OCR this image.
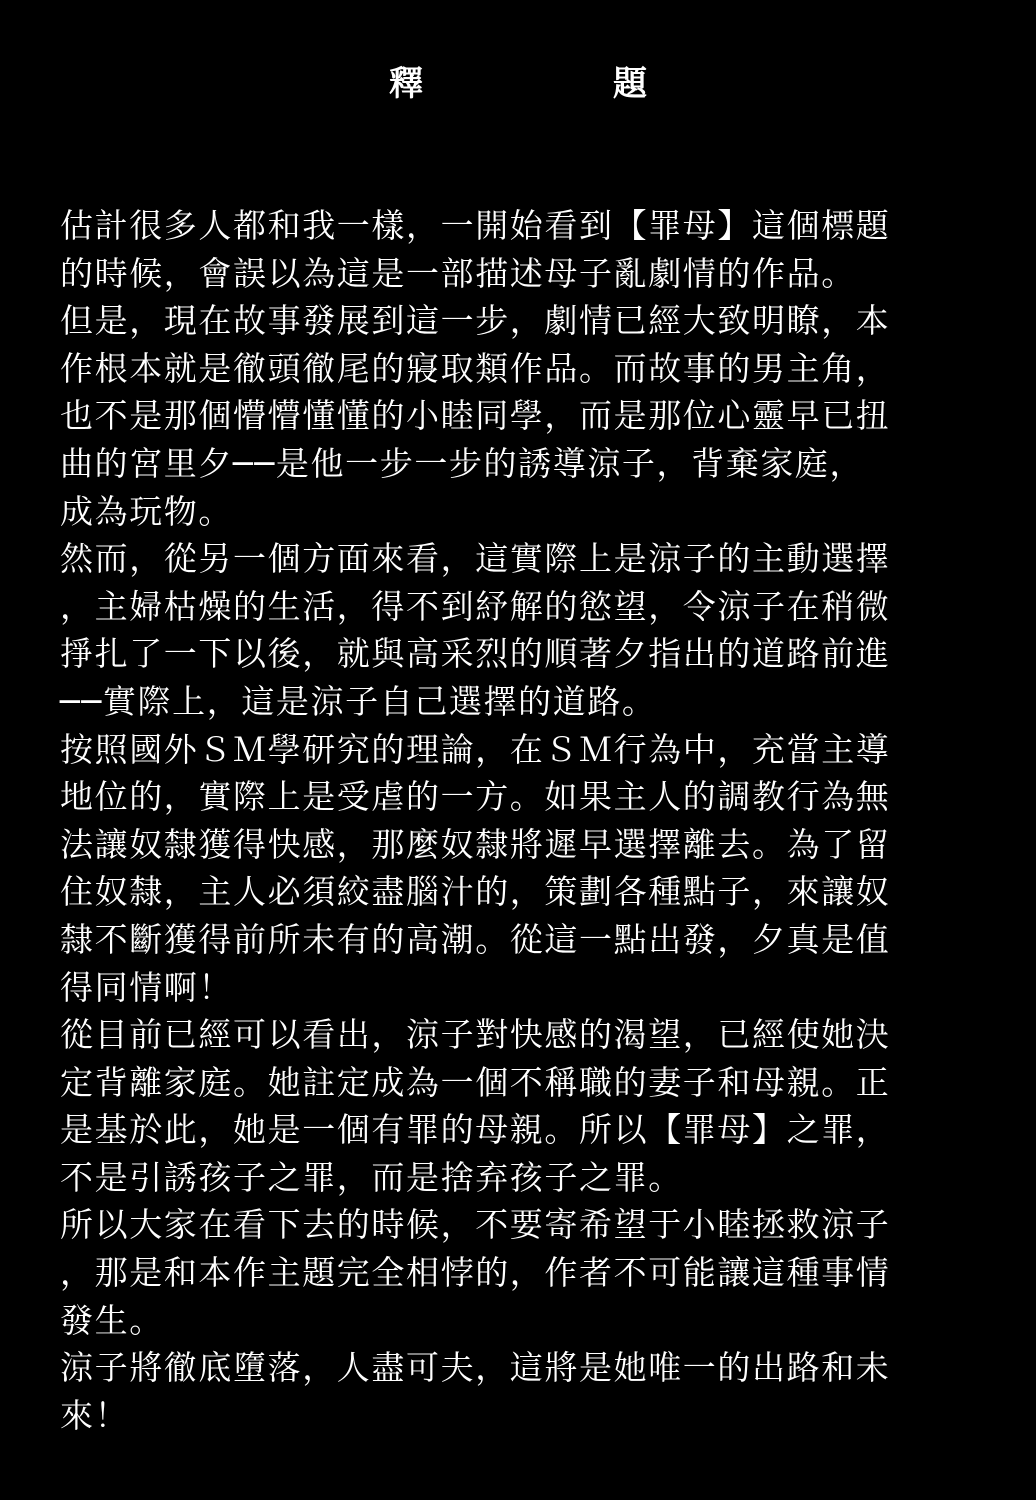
釋　題
估計很多人都和我一樣，一開始看到【罪母】這個標題
的時候，會誤以為這是一部描述母子亂劇情的作品。
但是，現在故事發展到這一步，劇情已經大致明瞭，本
作根本就是徹頭徹尾的寢取類作品。而故事的男主角，
也不是那個懵懵懂懂的小睦同學，而是那位心靈早已扭
曲的宮里夕──是他一步一步的誘導涼子，背棄家庭，
成為玩物。
然而，從另一個方面來看，這實際上是涼子的主動選擇
，主婦枯燥的生活，得不到紓解的慾望，令涼子在稍微
掙扎了一下以後，就與高采烈的順著夕指出的道路前進
──實際上，這是涼子自己選擇的道路。
按照國外ＳＭ學研究的理論，在ＳＭ行為中，充當主導
地位的，實際上是受虐的一方。如果主人的調教行為無
法讓奴隸獲得快感，那麼奴隸將遲早選擇離去。為了留
住奴隸，主人必須絞盡腦汁的，策劃各種點子，來讓奴
隸不斷獲得前所未有的高潮。從這一點出發，夕真是值
得同情啊！
從目前已經可以看出，涼子對快感的渴望，已經使她決
定背離家庭。她註定成為一個不稱職的妻子和母親。正
是基於此，她是一個有罪的母親。所以【罪母】之罪，
不是引誘孩子之罪，而是捨弃孩子之罪。
所以大家在看下去的時候，不要寄希望于小睦拯救涼子
，那是和本作主題完全相悖的，作者不可能讓這種事情
發生。
涼子將徹底墮落，人盡可夫，這將是她唯一的出路和未
來！
